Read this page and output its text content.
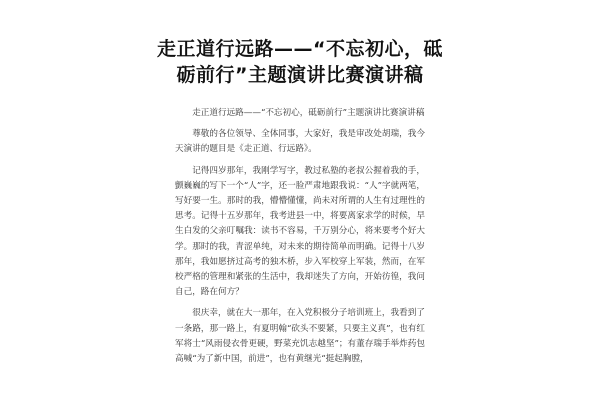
走正道行远路——“不忘初心，砥砺前行”主题演讲比赛演讲稿

走正道行远路——“不忘初心，砥砺前行”主题演讲比赛演讲稿

尊敬的各位领导、全体同事，大家好，我是审改处胡瑞，我今天演讲的题目是《走正道、行远路》。

记得四岁那年，我刚学写字，教过私塾的老叔公握着我的手，颤巍巍的写下一个“人”字，还一脸严肃地跟我说：“人”字就两笔，写好要一生。那时的我，懵懵懂懂，尚未对所谓的人生有过理性的思考。记得十五岁那年，我考进县一中，将要离家求学的时候，早生白发的父亲叮嘱我：读书不容易，千万别分心，将来要考个好大学。那时的我，青涩单纯，对未来的期待简单而明确。记得十八岁那年，我如愿挤过高考的独木桥，步入军校穿上军装，然而，在军校严格的管理和紧张的生活中，我却迷失了方向，开始彷徨，我问自己，路在何方？

很庆幸，就在大一那年，在入党积极分子培训班上，我看到了一条路，那一路上，有夏明翰“砍头不要紧，只要主义真”，也有红军将士“风雨侵衣骨更硬，野菜充饥志越坚”；有董存瑞手举炸药包高喊“为了新中国，前进”，也有黄继光“挺起胸膛，
